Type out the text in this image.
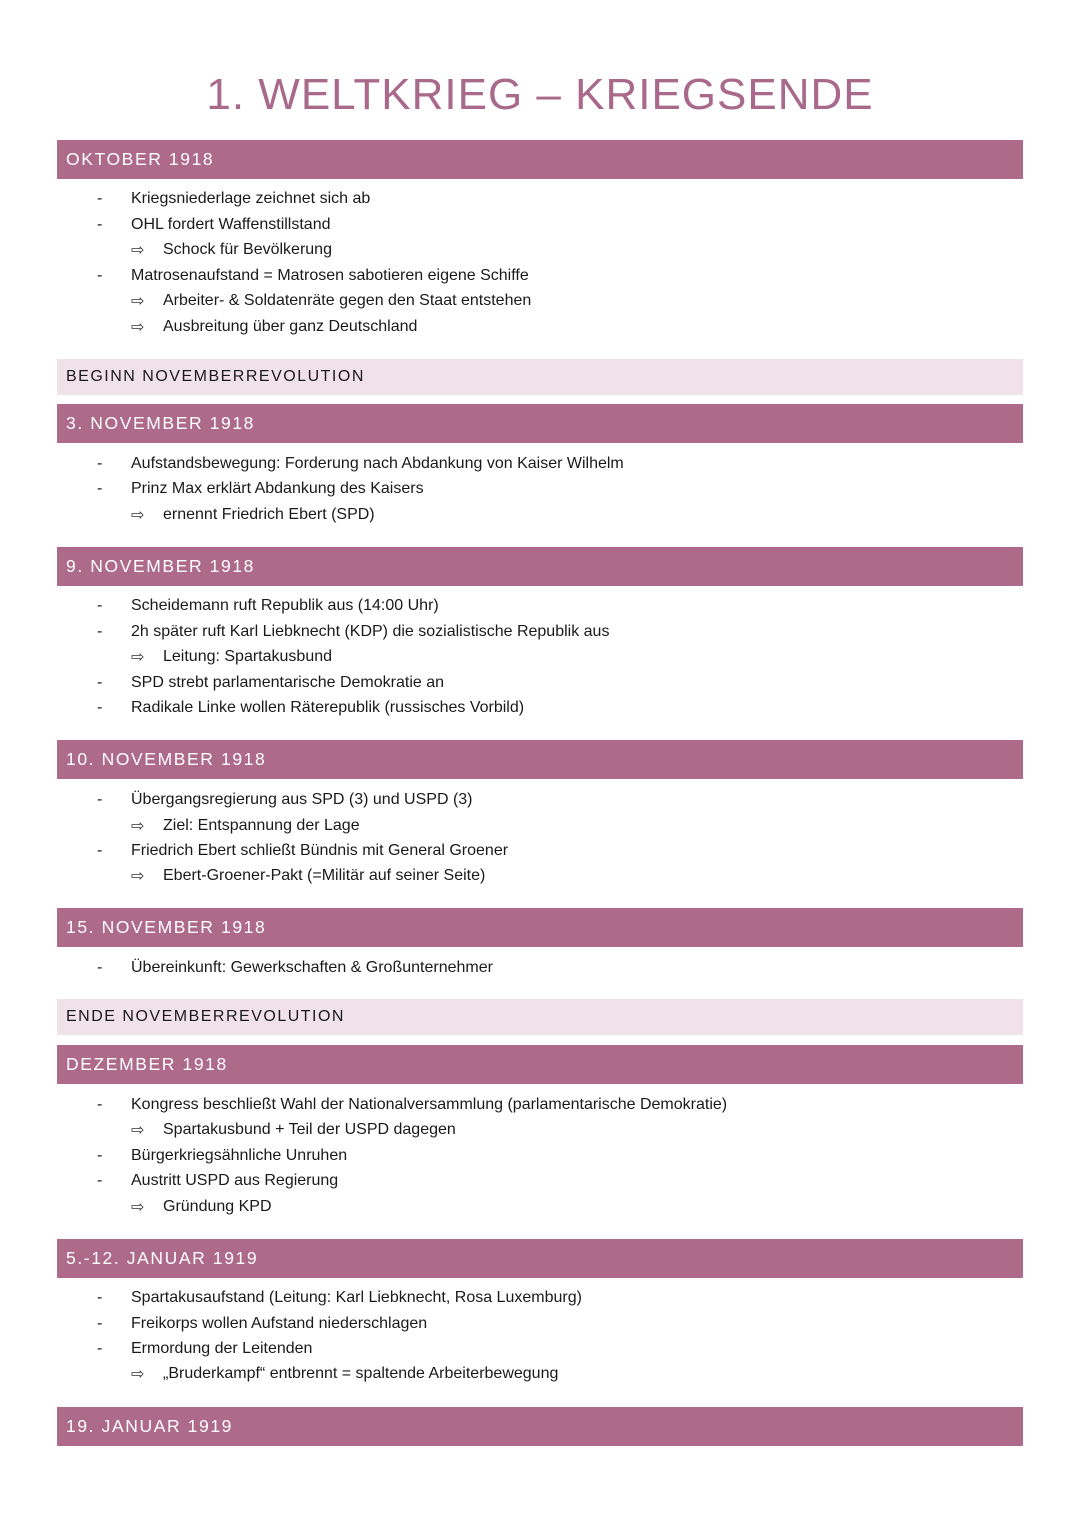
1. WELTKRIEG – KRIEGSENDE
OKTOBER 1918
- Kriegsniederlage zeichnet sich ab
- OHL fordert Waffenstillstand
⇨ Schock für Bevölkerung
- Matrosenaufstand = Matrosen sabotieren eigene Schiffe
⇨ Arbeiter- & Soldatenräte gegen den Staat entstehen
⇨ Ausbreitung über ganz Deutschland
BEGINN NOVEMBERREVOLUTION
3. NOVEMBER 1918
- Aufstandsbewegung: Forderung nach Abdankung von Kaiser Wilhelm
- Prinz Max erklärt Abdankung des Kaisers
⇨ ernennt Friedrich Ebert (SPD)
9. NOVEMBER 1918
- Scheidemann ruft Republik aus (14:00 Uhr)
- 2h später ruft Karl Liebknecht (KDP) die sozialistische Republik aus
⇨ Leitung: Spartakusbund
- SPD strebt parlamentarische Demokratie an
- Radikale Linke wollen Räterepublik (russisches Vorbild)
10. NOVEMBER 1918
- Übergangsregierung aus SPD (3) und USPD (3)
⇨ Ziel: Entspannung der Lage
- Friedrich Ebert schließt Bündnis mit General Groener
⇨ Ebert-Groener-Pakt (=Militär auf seiner Seite)
15. NOVEMBER 1918
- Übereinkunft: Gewerkschaften & Großunternehmer
ENDE NOVEMBERREVOLUTION
DEZEMBER 1918
- Kongress beschließt Wahl der Nationalversammlung (parlamentarische Demokratie)
⇨ Spartakusbund + Teil der USPD dagegen
- Bürgerkriegsähnliche Unruhen
- Austritt USPD aus Regierung
⇨ Gründung KPD
5.-12. JANUAR 1919
- Spartakusaufstand (Leitung: Karl Liebknecht, Rosa Luxemburg)
- Freikorps wollen Aufstand niederschlagen
- Ermordung der Leitenden
⇨ „Bruderkampf“ entbrennt = spaltende Arbeiterbewegung
19. JANUAR 1919
